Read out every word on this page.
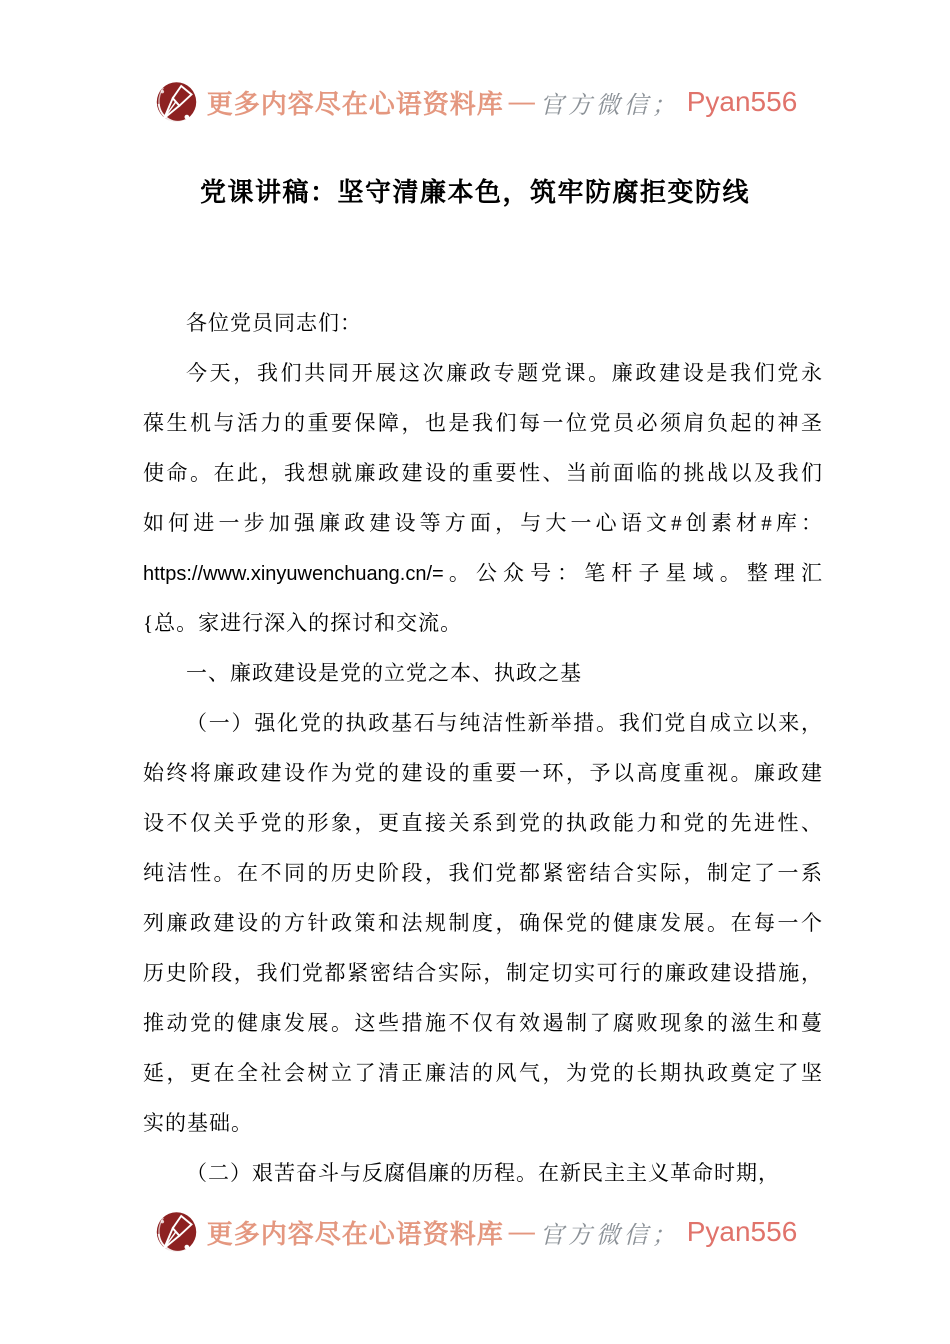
更多内容尽在心语资料库 — 官方微信； Pyan556
党课讲稿：坚守清廉本色，筑牢防腐拒变防线
各位党员同志们：
今天，我们共同开展这次廉政专题党课。廉政建设是我们党永
葆生机与活力的重要保障，也是我们每一位党员必须肩负起的神圣
使命。在此，我想就廉政建设的重要性、当前面临的挑战以及我们
如何进一步加强廉政建设等方面，与大一心语文#创素材#库：
https://www.xinyuwenchuang.cn/=。公众号：笔杆子星域。整理汇
{总。家进行深入的探讨和交流。
一、廉政建设是党的立党之本、执政之基
（一）强化党的执政基石与纯洁性新举措。我们党自成立以来，
始终将廉政建设作为党的建设的重要一环，予以高度重视。廉政建
设不仅关乎党的形象，更直接关系到党的执政能力和党的先进性、
纯洁性。在不同的历史阶段，我们党都紧密结合实际，制定了一系
列廉政建设的方针政策和法规制度，确保党的健康发展。在每一个
历史阶段，我们党都紧密结合实际，制定切实可行的廉政建设措施，
推动党的健康发展。这些措施不仅有效遏制了腐败现象的滋生和蔓
延，更在全社会树立了清正廉洁的风气，为党的长期执政奠定了坚
实的基础。
（二）艰苦奋斗与反腐倡廉的历程。在新民主主义革命时期，
更多内容尽在心语资料库 — 官方微信； Pyan556
